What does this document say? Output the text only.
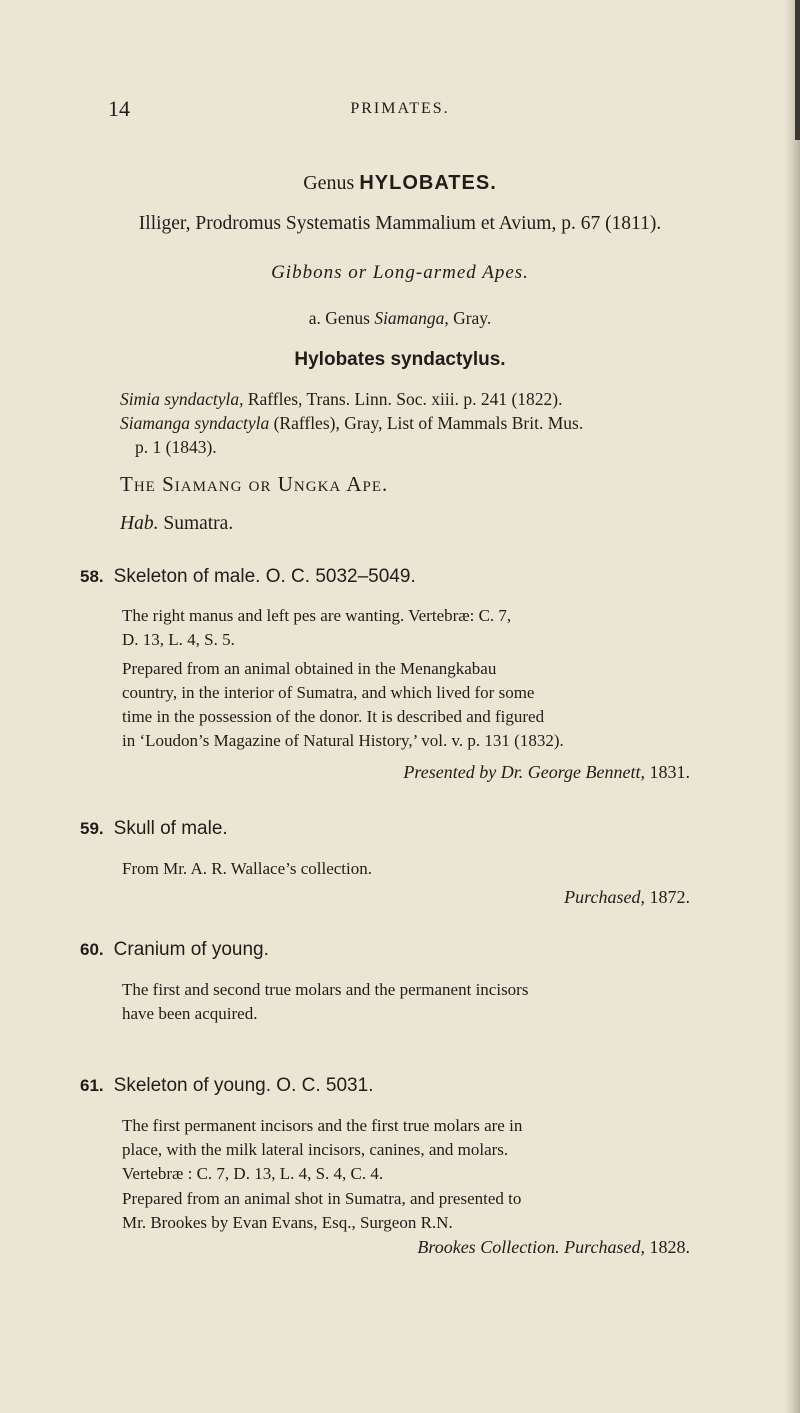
14	PRIMATES.
Genus HYLOBATES.
Illiger, Prodromus Systematis Mammalium et Avium, p. 67 (1811).
Gibbons or Long-armed Apes.
a. Genus Siamanga, Gray.
Hylobates syndactylus.
Simia syndactyla, Raffles, Trans. Linn. Soc. xiii. p. 241 (1822).
Siamanga syndactyla (Raffles), Gray, List of Mammals Brit. Mus.
p. 1 (1843).
The Siamang or Ungka Ape.
Hab. Sumatra.
58. Skeleton of male. O. C. 5032–5049.
The right manus and left pes are wanting. Vertebræ: C. 7,
D. 13, L. 4, S. 5.
Prepared from an animal obtained in the Menangkabau
country, in the interior of Sumatra, and which lived for some
time in the possession of the donor. It is described and figured
in ‘Loudon’s Magazine of Natural History,’ vol. v. p. 131 (1832).
Presented by Dr. George Bennett, 1831.
59. Skull of male.
From Mr. A. R. Wallace’s collection.
Purchased, 1872.
60. Cranium of young.
The first and second true molars and the permanent incisors
have been acquired.
61. Skeleton of young. O. C. 5031.
The first permanent incisors and the first true molars are in
place, with the milk lateral incisors, canines, and molars.
Vertebræ : C. 7, D. 13, L. 4, S. 4, C. 4.
Prepared from an animal shot in Sumatra, and presented to
Mr. Brookes by Evan Evans, Esq., Surgeon R.N.
Brookes Collection. Purchased, 1828.
